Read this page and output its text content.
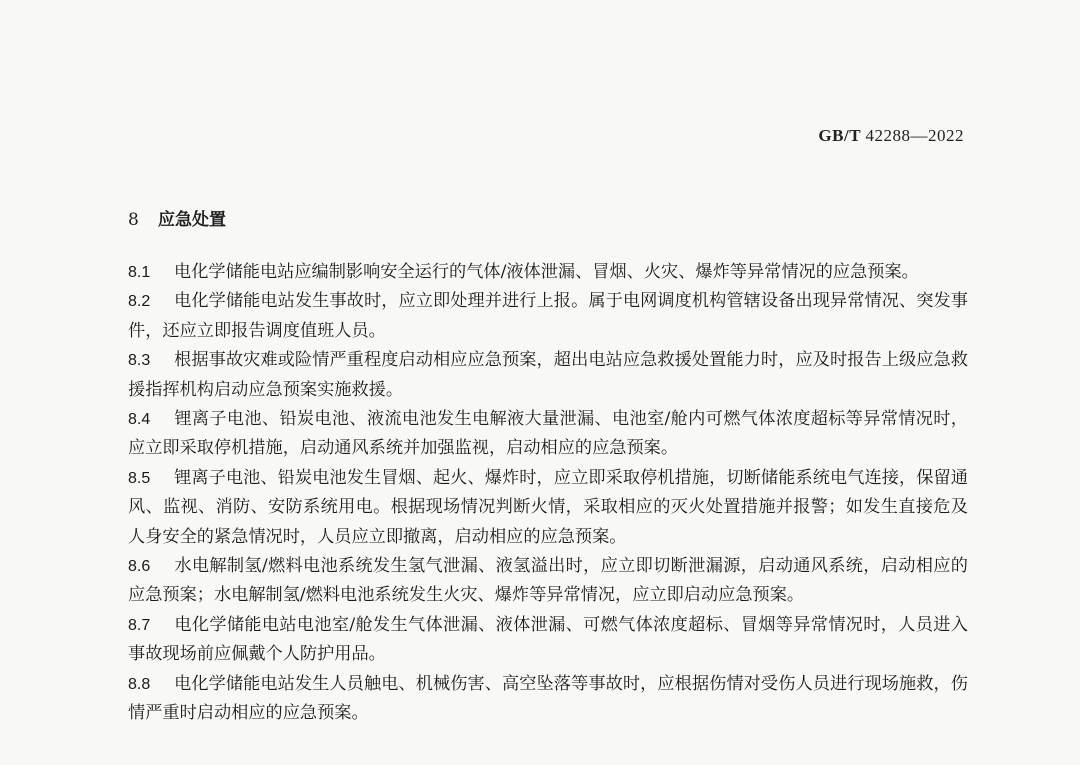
GB/T 42288—2022
8 应急处置
8.1 电化学储能电站应编制影响安全运行的气体/液体泄漏、冒烟、火灾、爆炸等异常情况的应急预案。
8.2 电化学储能电站发生事故时，应立即处理并进行上报。属于电网调度机构管辖设备出现异常情况、突发事件，还应立即报告调度值班人员。
8.3 根据事故灾难或险情严重程度启动相应应急预案，超出电站应急救援处置能力时，应及时报告上级应急救援指挥机构启动应急预案实施救援。
8.4 锂离子电池、铅炭电池、液流电池发生电解液大量泄漏、电池室/舱内可燃气体浓度超标等异常情况时，应立即采取停机措施，启动通风系统并加强监视，启动相应的应急预案。
8.5 锂离子电池、铅炭电池发生冒烟、起火、爆炸时，应立即采取停机措施，切断储能系统电气连接，保留通风、监视、消防、安防系统用电。根据现场情况判断火情，采取相应的灭火处置措施并报警；如发生直接危及人身安全的紧急情况时，人员应立即撤离，启动相应的应急预案。
8.6 水电解制氢/燃料电池系统发生氢气泄漏、液氢溢出时，应立即切断泄漏源，启动通风系统，启动相应的应急预案；水电解制氢/燃料电池系统发生火灾、爆炸等异常情况，应立即启动应急预案。
8.7 电化学储能电站电池室/舱发生气体泄漏、液体泄漏、可燃气体浓度超标、冒烟等异常情况时，人员进入事故现场前应佩戴个人防护用品。
8.8 电化学储能电站发生人员触电、机械伤害、高空坠落等事故时，应根据伤情对受伤人员进行现场施救，伤情严重时启动相应的应急预案。
